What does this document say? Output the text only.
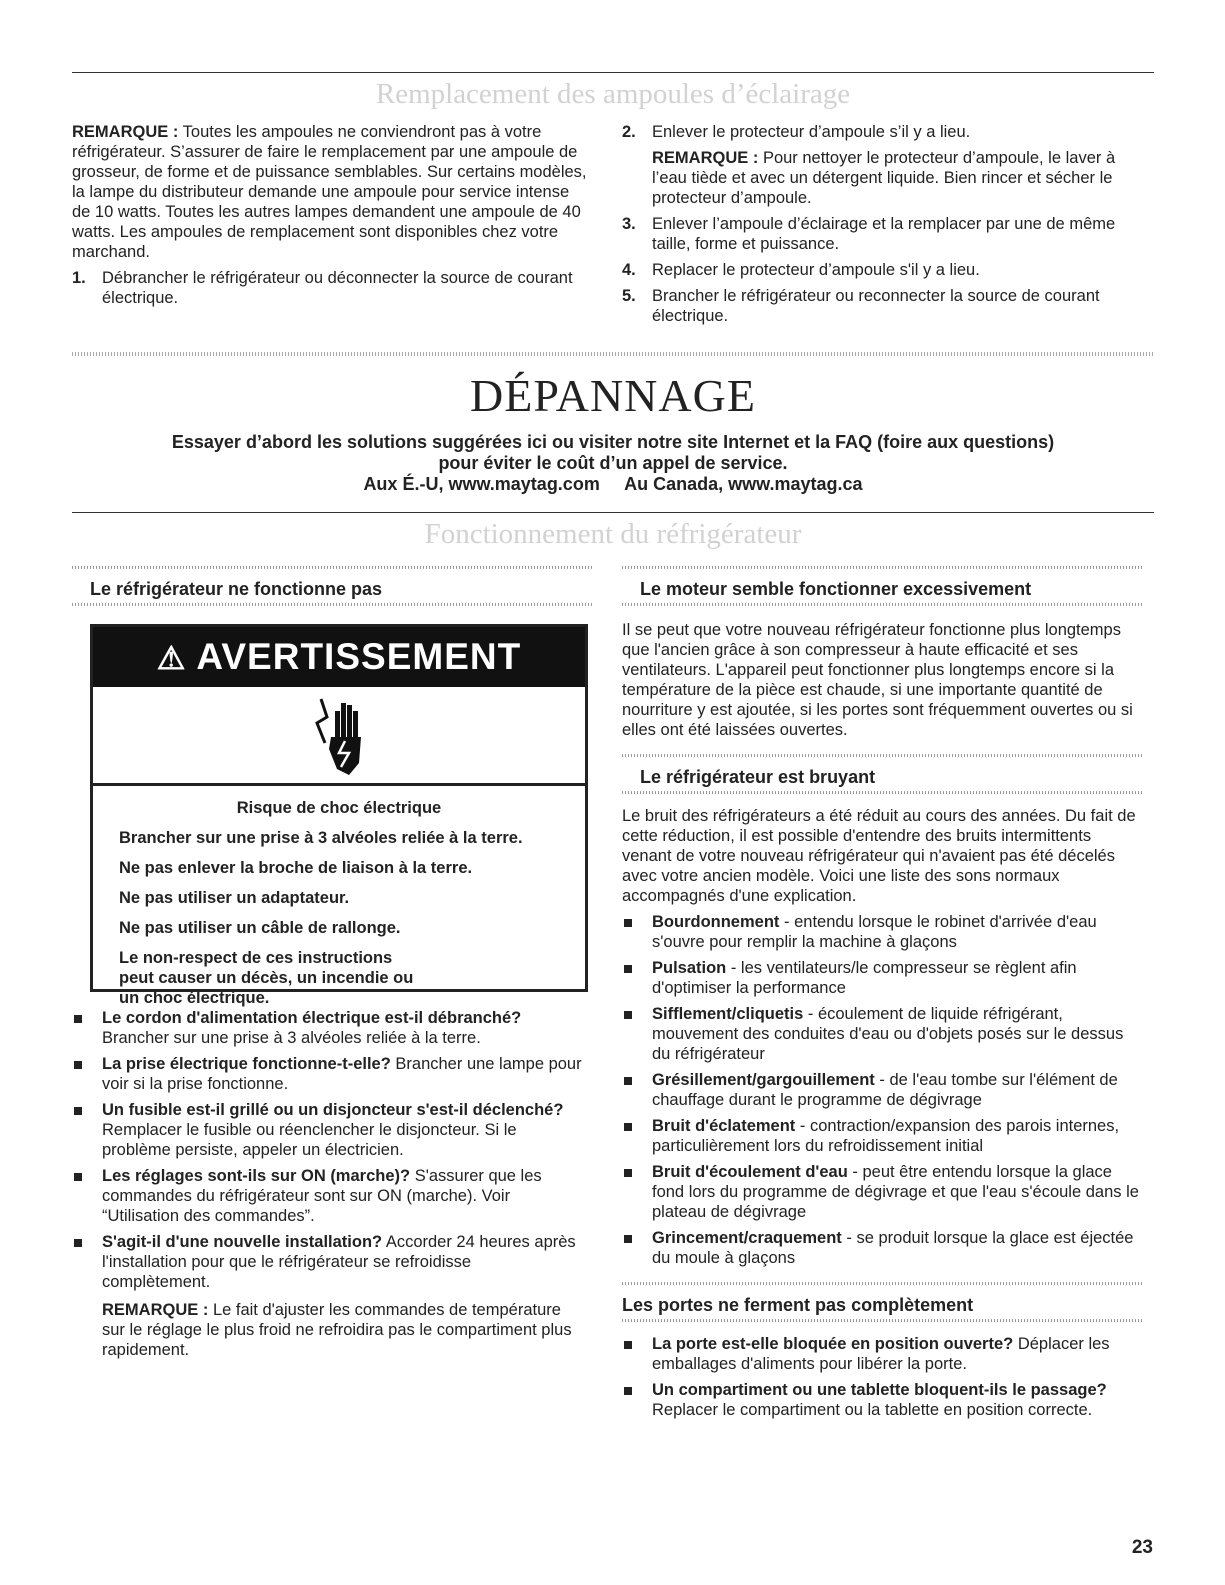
Remplacement des ampoules d’éclairage

REMARQUE : Toutes les ampoules ne conviendront pas à votre réfrigérateur. S’assurer de faire le remplacement par une ampoule de grosseur, de forme et de puissance semblables. Sur certains modèles, la lampe du distributeur demande une ampoule pour service intense de 10 watts. Toutes les autres lampes demandent une ampoule de 40 watts. Les ampoules de remplacement sont disponibles chez votre marchand.

1. Débrancher le réfrigérateur ou déconnecter la source de courant électrique.
2. Enlever le protecteur d’ampoule s’il y a lieu.

REMARQUE : Pour nettoyer le protecteur d’ampoule, le laver à l’eau tiède et avec un détergent liquide. Bien rincer et sécher le protecteur d’ampoule.

3. Enlever l’ampoule d’éclairage et la remplacer par une de même taille, forme et puissance.
4. Replacer le protecteur d’ampoule s'il y a lieu.
5. Brancher le réfrigérateur ou reconnecter la source de courant électrique.
DÉPANNAGE
Essayer d’abord les solutions suggérées ici ou visiter notre site Internet et la FAQ (foire aux questions)
pour éviter le coût d’un appel de service.
Aux É.-U, www.maytag.com     Au Canada, www.maytag.ca
Fonctionnement du réfrigérateur
Le réfrigérateur ne fonctionne pas
⚠ AVERTISSEMENT

Risque de choc électrique

Brancher sur une prise à 3 alvéoles reliée à la terre.

Ne pas enlever la broche de liaison à la terre.

Ne pas utiliser un adaptateur.

Ne pas utiliser un câble de rallonge.

Le non-respect de ces instructions peut causer un décès, un incendie ou un choc électrique.

Le cordon d'alimentation électrique est-il débranché? Brancher sur une prise à 3 alvéoles reliée à la terre.
La prise électrique fonctionne-t-elle? Brancher une lampe pour voir si la prise fonctionne.
Un fusible est-il grillé ou un disjoncteur s'est-il déclenché? Remplacer le fusible ou réenclencher le disjoncteur. Si le problème persiste, appeler un électricien.
Les réglages sont-ils sur ON (marche)? S'assurer que les commandes du réfrigérateur sont sur ON (marche). Voir “Utilisation des commandes”.
S'agit-il d'une nouvelle installation? Accorder 24 heures après l'installation pour que le réfrigérateur se refroidisse complètement.

REMARQUE : Le fait d'ajuster les commandes de température sur le réglage le plus froid ne refroidira pas le compartiment plus rapidement.

Le moteur semble fonctionner excessivement

Il se peut que votre nouveau réfrigérateur fonctionne plus longtemps que l'ancien grâce à son compresseur à haute efficacité et ses ventilateurs. L'appareil peut fonctionner plus longtemps encore si la température de la pièce est chaude, si une importante quantité de nourriture y est ajoutée, si les portes sont fréquemment ouvertes ou si elles ont été laissées ouvertes.

Le réfrigérateur est bruyant

Le bruit des réfrigérateurs a été réduit au cours des années. Du fait de cette réduction, il est possible d'entendre des bruits intermittents venant de votre nouveau réfrigérateur qui n'avaient pas été décelés avec votre ancien modèle. Voici une liste des sons normaux accompagnés d'une explication.

Bourdonnement - entendu lorsque le robinet d'arrivée d'eau s'ouvre pour remplir la machine à glaçons
Pulsation - les ventilateurs/le compresseur se règlent afin d'optimiser la performance
Sifflement/cliquetis - écoulement de liquide réfrigérant, mouvement des conduites d'eau ou d'objets posés sur le dessus du réfrigérateur
Grésillement/gargouillement - de l'eau tombe sur l'élément de chauffage durant le programme de dégivrage
Bruit d'éclatement - contraction/expansion des parois internes, particulièrement lors du refroidissement initial
Bruit d'écoulement d'eau - peut être entendu lorsque la glace fond lors du programme de dégivrage et que l'eau s'écoule dans le plateau de dégivrage
Grincement/craquement - se produit lorsque la glace est éjectée du moule à glaçons
Les portes ne ferment pas complètement
La porte est-elle bloquée en position ouverte? Déplacer les emballages d'aliments pour libérer la porte.
Un compartiment ou une tablette bloquent-ils le passage? Replacer le compartiment ou la tablette en position correcte.
23
